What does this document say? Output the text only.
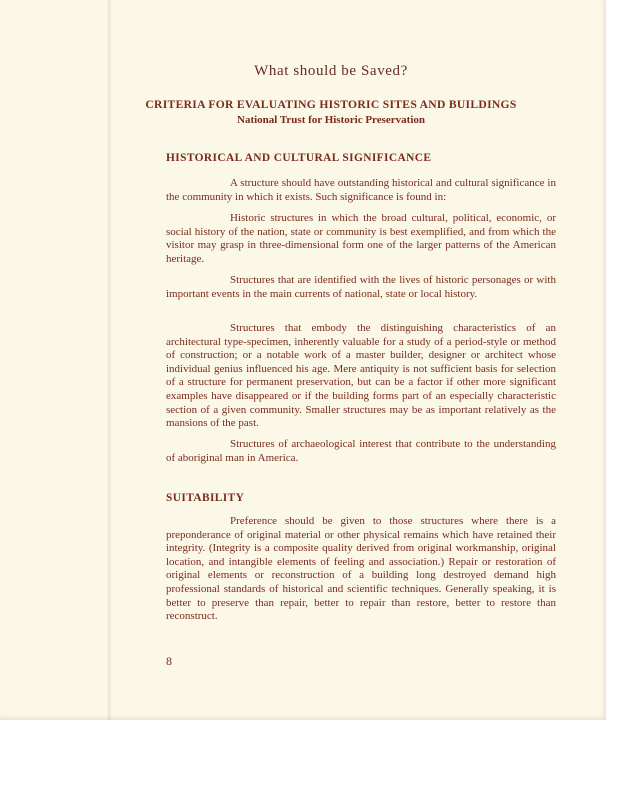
What should be Saved?
CRITERIA FOR EVALUATING HISTORIC SITES AND BUILDINGS
National Trust for Historic Preservation
HISTORICAL AND CULTURAL SIGNIFICANCE

A structure should have outstanding historical and cultural significance in the community in which it exists. Such significance is found in:

Historic structures in which the broad cultural, political, economic, or social history of the nation, state or community is best exemplified, and from which the visitor may grasp in three-dimensional form one of the larger patterns of the American heritage.

Structures that are identified with the lives of historic personages or with important events in the main currents of national, state or local history.

Structures that embody the distinguishing characteristics of an architectural type-specimen, inherently valuable for a study of a period-style or method of construction; or a notable work of a master builder, designer or architect whose individual genius influenced his age. Mere antiquity is not sufficient basis for selection of a structure for permanent preservation, but can be a factor if other more significant examples have disappeared or if the building forms part of an especially characteristic section of a given community. Smaller structures may be as important relatively as the mansions of the past.

Structures of archaeological interest that contribute to the understanding of aboriginal man in America.

SUITABILITY

Preference should be given to those structures where there is a preponderance of original material or other physical remains which have retained their integrity. (Integrity is a composite quality derived from original workmanship, original location, and intangible elements of feeling and association.) Repair or restoration of original elements or reconstruction of a building long destroyed demand high professional standards of historical and scientific techniques. Generally speaking, it is better to preserve than repair, better to repair than restore, better to restore than reconstruct.

8
